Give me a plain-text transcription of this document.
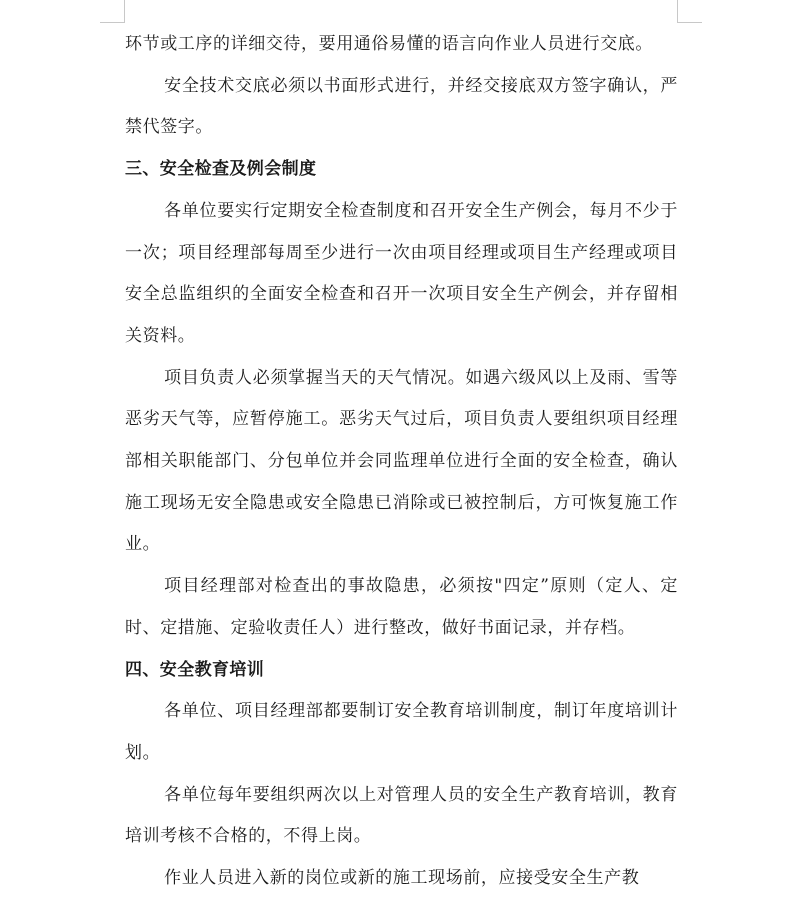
环节或工序的详细交待，要用通俗易懂的语言向作业人员进行交底。

安全技术交底必须以书面形式进行，并经交接底双方签字确认，严禁代签字。

三、安全检查及例会制度

各单位要实行定期安全检查制度和召开安全生产例会，每月不少于一次；项目经理部每周至少进行一次由项目经理或项目生产经理或项目安全总监组织的全面安全检查和召开一次项目安全生产例会，并存留相关资料。

项目负责人必须掌握当天的天气情况。如遇六级风以上及雨、雪等恶劣天气等，应暂停施工。恶劣天气过后，项目负责人要组织项目经理部相关职能部门、分包单位并会同监理单位进行全面的安全检查，确认施工现场无安全隐患或安全隐患已消除或已被控制后，方可恢复施工作业。

项目经理部对检查出的事故隐患，必须按"四定”原则（定人、定时、定措施、定验收责任人）进行整改，做好书面记录，并存档。

四、安全教育培训

各单位、项目经理部都要制订安全教育培训制度，制订年度培训计划。

各单位每年要组织两次以上对管理人员的安全生产教育培训，教育培训考核不合格的，不得上岗。

作业人员进入新的岗位或新的施工现场前，应接受安全生产教
